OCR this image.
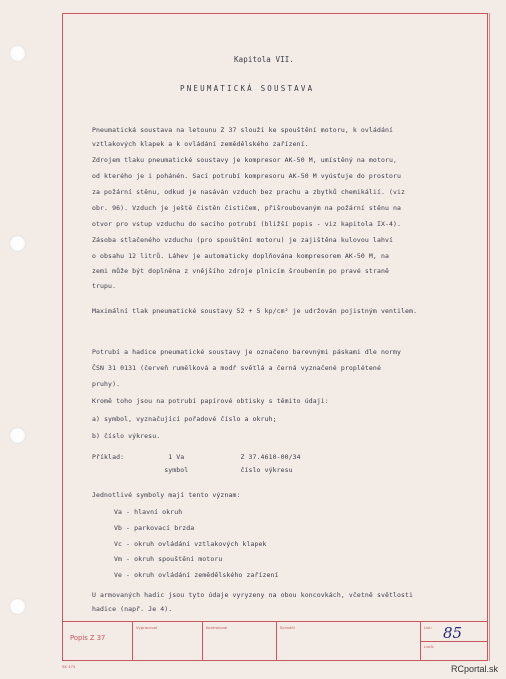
Kapitola VII.
PNEUMATICKÁ SOUSTAVA
Pneumatická soustava na letounu Z 37 slouží ke spouštění motoru, k ovládání
vztlakových klapek a k ovládání zemědělského zařízení.
Zdrojem tlaku pneumatické soustavy je kompresor AK-50 M, umístěný na motoru,
od kterého je i pohánén. Sací potrubí kompresoru AK-50 M vyúsťuje do prostoru
za požární stěnu, odkud je nasáván vzduch bez prachu a zbytků chemikálií. (viz
obr. 96). Vzduch je ještě čistěn čističem, přišroubovaným na požární stěnu na
otvor pro vstup vzduchu do sacího potrubí (bližší popis - viz kapitola IX-4).
Zásoba stlačeného vzduchu (pro spouštění motoru) je zajištěna kulovou lahví
o obsahu 12 litrů. Láhev je automaticky doplňována kompresorem AK-50 M, na
zemi může být doplněna z vnějšího zdroje plnicím šroubením po pravé straně
trupu.
Maximální tlak pneumatické soustavy 52 + 5 kp/cm² je udržován pojistným ventilem.
Potrubí a hadice pneumatické soustavy je označeno barevnými páskami dle normy
ČSN 31 0131 (červeň rumělková a modř světlá a černá vyznačené proplétené
pruhy).
Kromě toho jsou na potrubí papírové obtisky s těmito údaji:
a) symbol, vyznačující pořadové číslo a okruh;
b) číslo výkresu.
Příklad:           1 Va              Z 37.4610-00/34
symbol             číslo výkresu
Jednotlivé symboly mají tento význam:
Va - hlavní okruh
Vb - parkovací brzda
Vc - okruh ovládání vztlakových klapek
Vm - okruh spouštění motoru
Ve - okruh ovládání zemědělského zařízení
U armovaných hadic jsou tyto údaje vyryzeny na obou koncovkách, včetně světlosti
hadice (např. Je 4).
Popis Z 37
Vypracoval	Kontroloval	Schválil	List: 85
Listů:
SK 475	RCportal.sk
